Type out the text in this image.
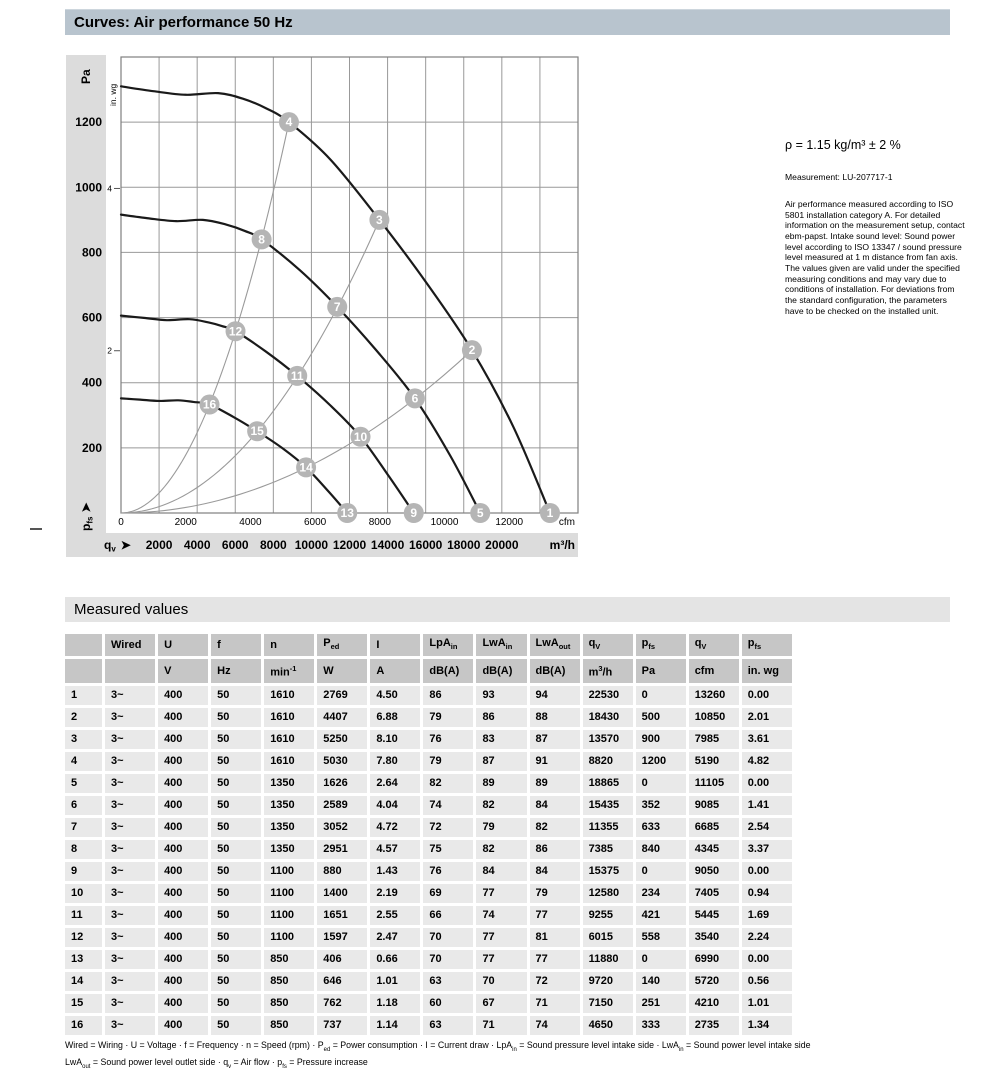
Curves: Air performance 50 Hz
200
400
600
800
1000
1200
Pa
in. wg
2
4
$p_{fs}➤$
0	2000	4000	6000	8000	10000	12000	cfm
2000 4000 6000 8000 10000 12000 14000 16000 18000 20000	m³/h
$q_v$ ➤
1
2
3
4
5
6
7
8
9
10
11
12
13
14
15
16
ρ = 1.15 kg/m³ ± 2 %
Measurement: LU-207717-1
Air performance measured according to ISO 5801 installation category A. For detailed information on the measurement setup, contact ebm-papst. Intake sound level: Sound power level according to ISO 13347 / sound pressure level measured at 1 m distance from fan axis. The values given are valid under the specified measuring conditions and may vary due to conditions of installation. For deviations from the standard configuration, the parameters have to be checked on the installed unit.
Measured values
	Wired	U	f	n	$P_{ed}$	I	LpA$_{in}$	LwA$_{in}$	LwA$_{out}$	$q_V$	$p_{fs}$	$q_V$	$p_{fs}$
		V	Hz	$\min^{-1}$	W	A	dB(A)	dB(A)	dB(A)	$m^3/h$	Pa	cfm	in. wg
1	3~	400	50	1610	2769	4.50	86	93	94	22530	0	13260	0.00
2	3~	400	50	1610	4407	6.88	79	86	88	18430	500	10850	2.01
3	3~	400	50	1610	5250	8.10	76	83	87	13570	900	7985	3.61
4	3~	400	50	1610	5030	7.80	79	87	91	8820	1200	5190	4.82
5	3~	400	50	1350	1626	2.64	82	89	89	18865	0	11105	0.00
6	3~	400	50	1350	2589	4.04	74	82	84	15435	352	9085	1.41
7	3~	400	50	1350	3052	4.72	72	79	82	11355	633	6685	2.54
8	3~	400	50	1350	2951	4.57	75	82	86	7385	840	4345	3.37
9	3~	400	50	1100	880	1.43	76	84	84	15375	0	9050	0.00
10	3~	400	50	1100	1400	2.19	69	77	79	12580	234	7405	0.94
11	3~	400	50	1100	1651	2.55	66	74	77	9255	421	5445	1.69
12	3~	400	50	1100	1597	2.47	70	77	81	6015	558	3540	2.24
13	3~	400	50	850	406	0.66	70	77	77	11880	0	6990	0.00
14	3~	400	50	850	646	1.01	63	70	72	9720	140	5720	0.56
15	3~	400	50	850	762	1.18	60	67	71	7150	251	4210	1.01
16	3~	400	50	850	737	1.14	63	71	74	4650	333	2735	1.34
Wired = Wiring · U = Voltage · f = Frequency · n = Speed $(rpm) \cdot P_{ed}$ = Power consumption · I = Current draw · LpA$_{in}$ = Sound pressure level intake side · LwA$_{in}$ = Sound power level intake side
LwA$_{out}$ = Sound power level outlet side · $q_v$ = Air flow · $p_{fs}$ = Pressure increase
